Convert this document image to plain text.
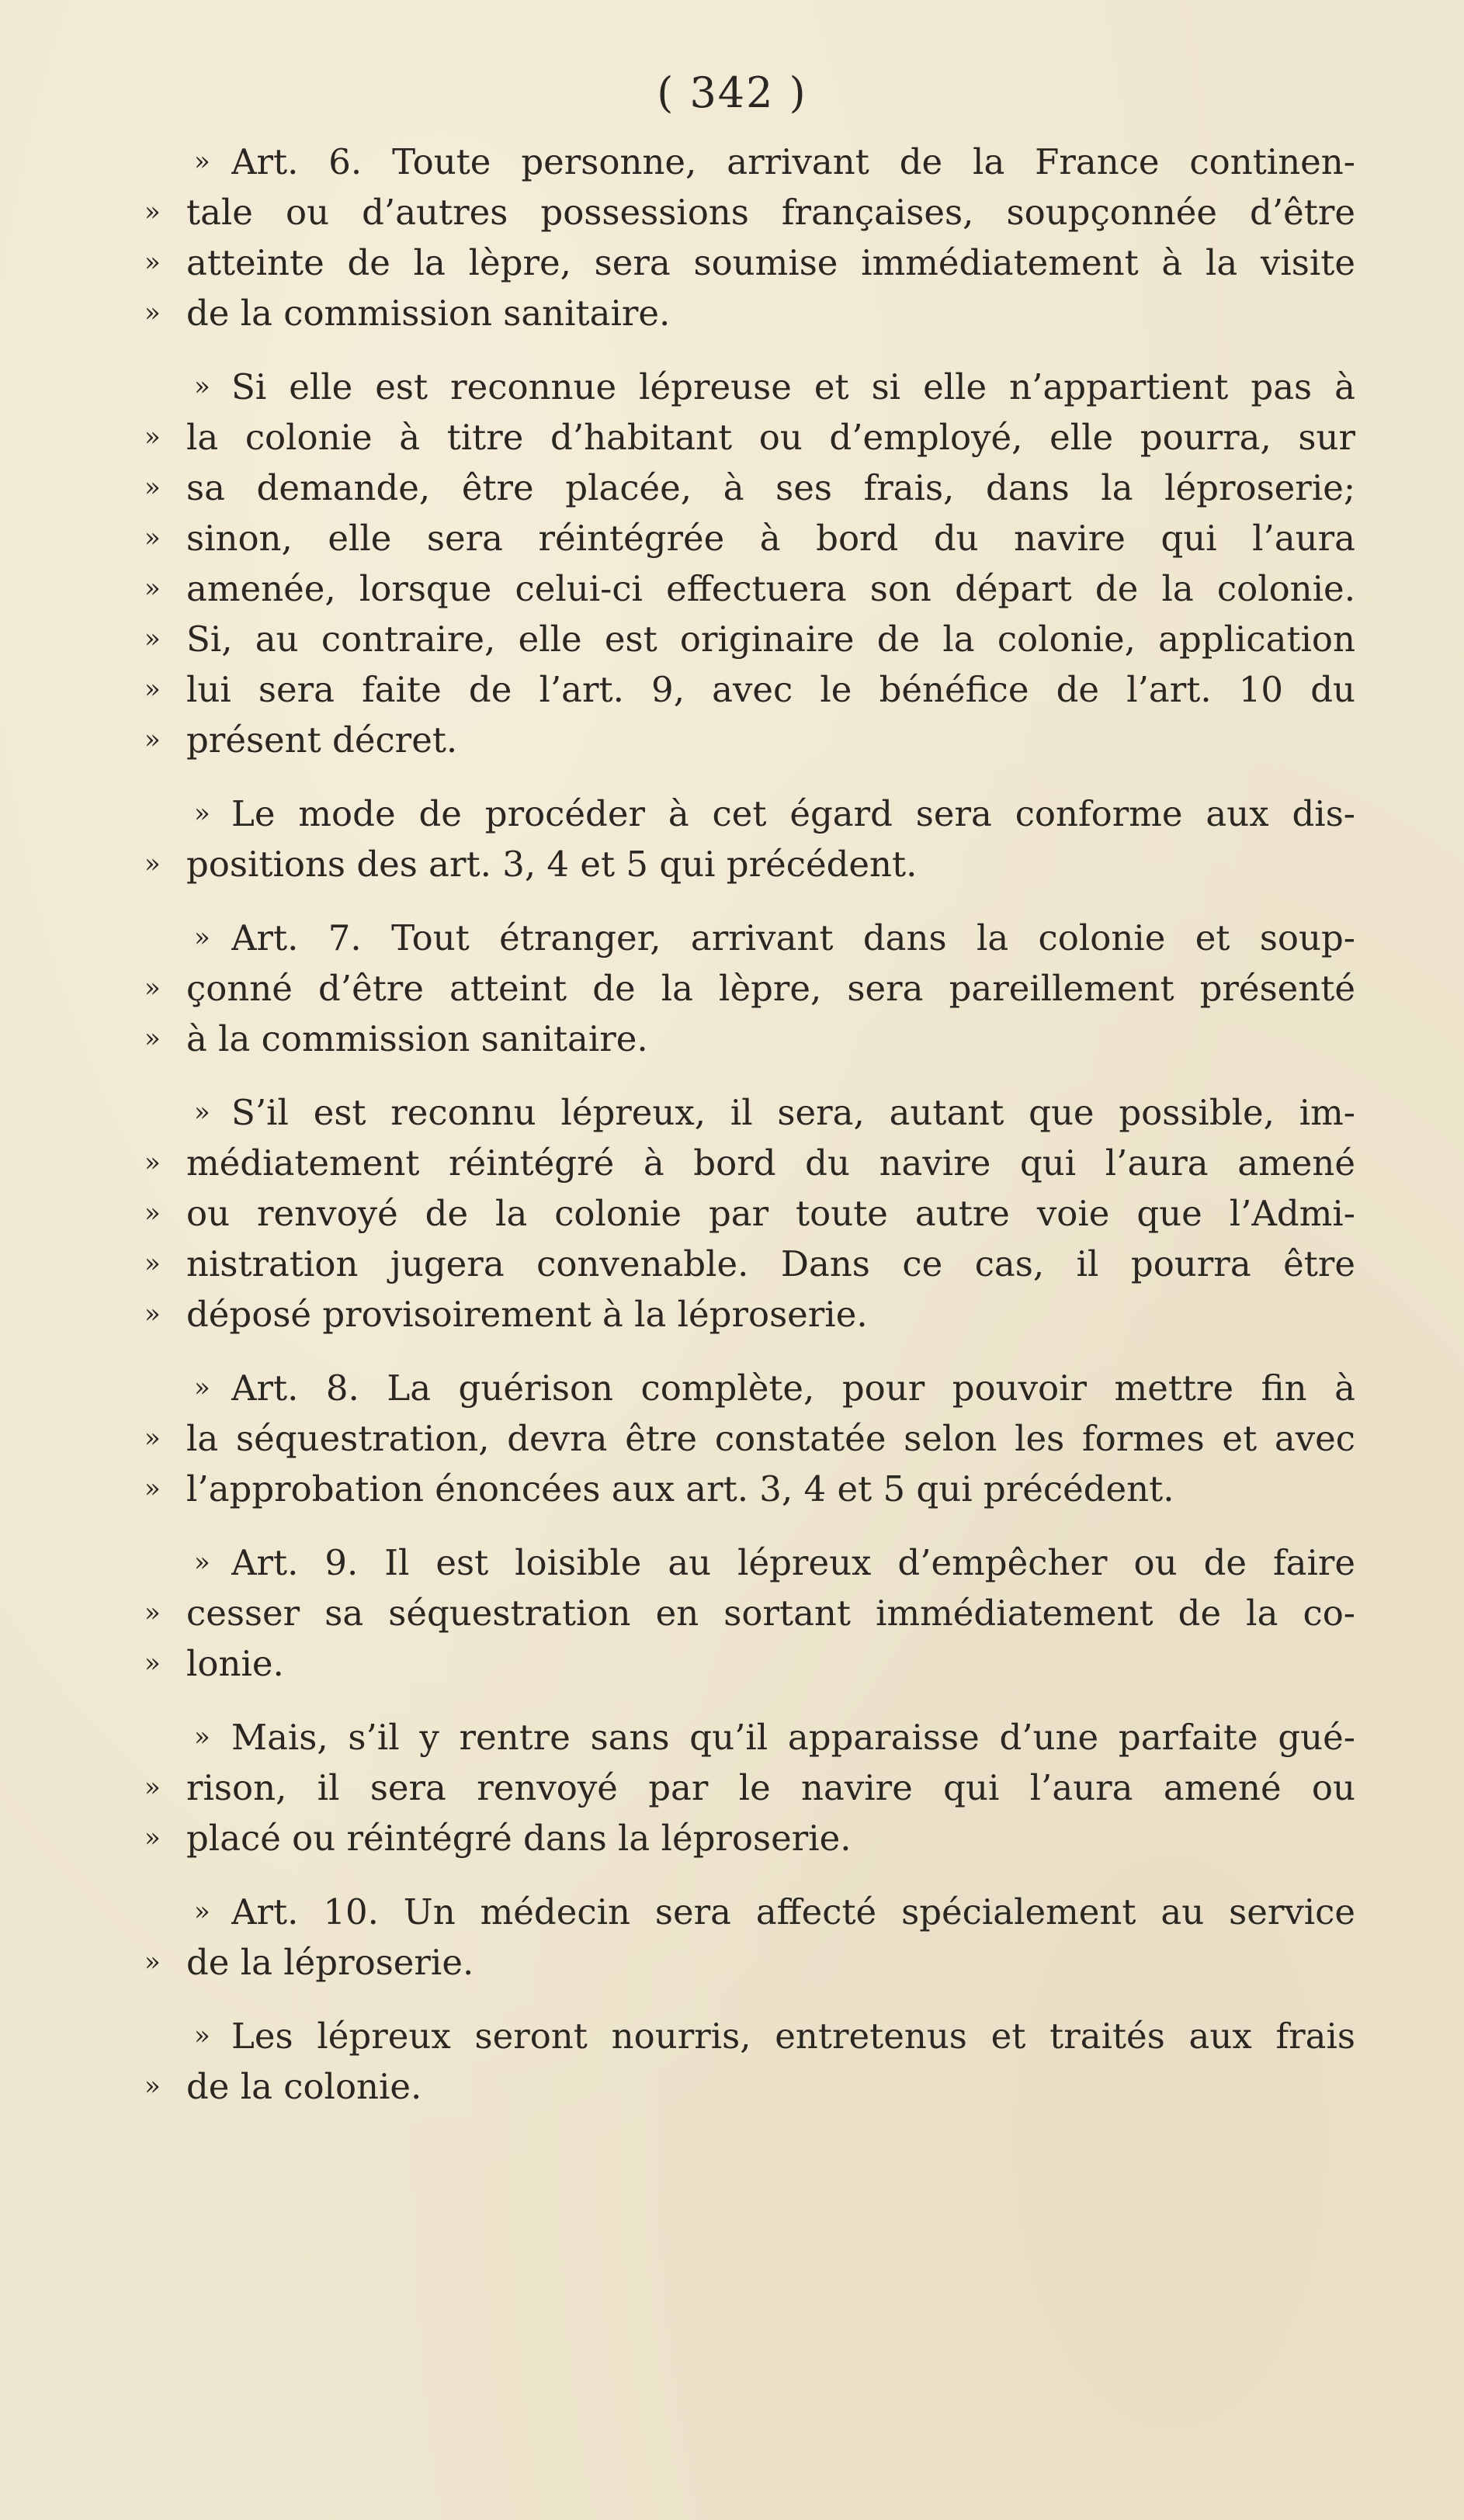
( 342 )
» Art. 6. Toute personne, arrivant de la France continen-
» tale ou d’autres possessions françaises, soupçonnée d’être
» atteinte de la lèpre, sera soumise immédiatement à la visite
» de la commission sanitaire.
» Si elle est reconnue lépreuse et si elle n’appartient pas à
» la colonie à titre d’habitant ou d’employé, elle pourra, sur
» sa demande, être placée, à ses frais, dans la léproserie;
» sinon, elle sera réintégrée à bord du navire qui l’aura
» amenée, lorsque celui-ci effectuera son départ de la colonie.
» Si, au contraire, elle est originaire de la colonie, application
» lui sera faite de l’art. 9, avec le bénéfice de l’art. 10 du
» présent décret.
» Le mode de procéder à cet égard sera conforme aux dis-
» positions des art. 3, 4 et 5 qui précédent.
» Art. 7. Tout étranger, arrivant dans la colonie et soup-
» çonné d’être atteint de la lèpre, sera pareillement présenté
» à la commission sanitaire.
» S’il est reconnu lépreux, il sera, autant que possible, im-
» médiatement réintégré à bord du navire qui l’aura amené
» ou renvoyé de la colonie par toute autre voie que l’Admi-
» nistration jugera convenable. Dans ce cas, il pourra être
» déposé provisoirement à la léproserie.
» Art. 8. La guérison complète, pour pouvoir mettre fin à
» la séquestration, devra être constatée selon les formes et avec
» l’approbation énoncées aux art. 3, 4 et 5 qui précédent.
» Art. 9. Il est loisible au lépreux d’empêcher ou de faire
» cesser sa séquestration en sortant immédiatement de la co-
» lonie.
» Mais, s’il y rentre sans qu’il apparaisse d’une parfaite gué-
» rison, il sera renvoyé par le navire qui l’aura amené ou
» placé ou réintégré dans la léproserie.
» Art. 10. Un médecin sera affecté spécialement au service
» de la léproserie.
» Les lépreux seront nourris, entretenus et traités aux frais
» de la colonie.
